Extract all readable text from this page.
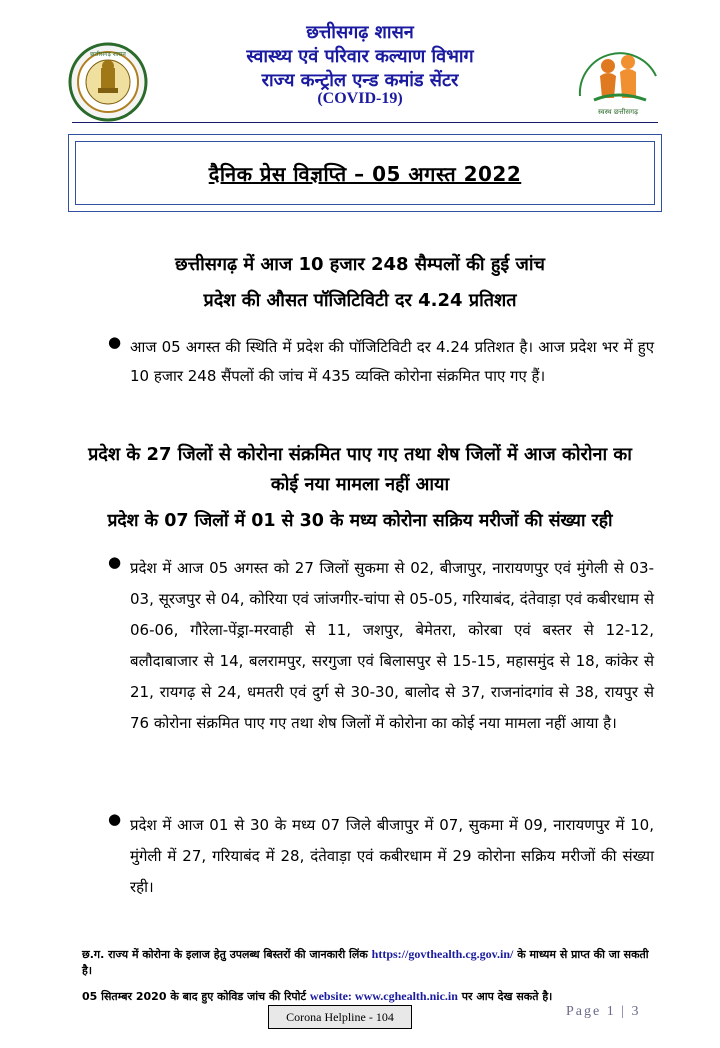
छत्तीसगढ़ शासन
स्वस्थ छत्तीसगढ़
छत्तीसगढ़ शासन
स्वास्थ्य एवं परिवार कल्याण विभाग
राज्य कन्ट्रोल एन्ड कमांड सेंटर
(COVID-19)
दैनिक प्रेस विज्ञप्ति – 05 अगस्त 2022
छत्तीसगढ़ में आज 10 हजार 248 सैम्पलों की हुई जांच
प्रदेश की औसत पॉजिटिविटी दर 4.24 प्रतिशत
● आज 05 अगस्त की स्थिति में प्रदेश की पॉजिटिविटी दर 4.24 प्रतिशत है। आज प्रदेश भर में हुए 10 हजार 248 सैंपलों की जांच में 435 व्यक्ति कोरोना संक्रमित पाए गए हैं।
प्रदेश के 27 जिलों से कोरोना संक्रमित पाए गए तथा शेष जिलों में आज कोरोना का कोई नया मामला नहीं आया
प्रदेश के 07 जिलों में 01 से 30 के मध्य कोरोना सक्रिय मरीजों की संख्या रही
● प्रदेश में आज 05 अगस्त को 27 जिलों सुकमा से 02, बीजापुर, नारायणपुर एवं मुंगेली से 03-03, सूरजपुर से 04, कोरिया एवं जांजगीर-चांपा से 05-05, गरियाबंद, दंतेवाड़ा एवं कबीरधाम से 06-06, गौरेला-पेंड्रा-मरवाही से 11, जशपुर, बेमेतरा, कोरबा एवं बस्तर से 12-12, बलौदाबाजार से 14, बलरामपुर, सरगुजा एवं बिलासपुर से 15-15, महासमुंद से 18, कांकेर से 21, रायगढ़ से 24, धमतरी एवं दुर्ग से 30-30, बालोद से 37, राजनांदगांव से 38, रायपुर से 76 कोरोना संक्रमित पाए गए तथा शेष जिलों में कोरोना का कोई नया मामला नहीं आया है।
● प्रदेश में आज 01 से 30 के मध्य 07 जिले बीजापुर में 07, सुकमा में 09, नारायणपुर में 10, मुंगेली में 27, गरियाबंद में 28, दंतेवाड़ा एवं कबीरधाम में 29 कोरोना सक्रिय मरीजों की संख्या रही।
छ.ग. राज्य में कोरोना के इलाज हेतु उपलब्ध बिस्तरों की जानकारी लिंक https://govthealth.cg.gov.in/ के माध्यम से प्राप्त की जा सकती है।
05 सितम्बर 2020 के बाद हुए कोविड जांच की रिपोर्ट website: www.cghealth.nic.in पर आप देख सकते है।
Corona Helpline - 104	Page 1 | 3
